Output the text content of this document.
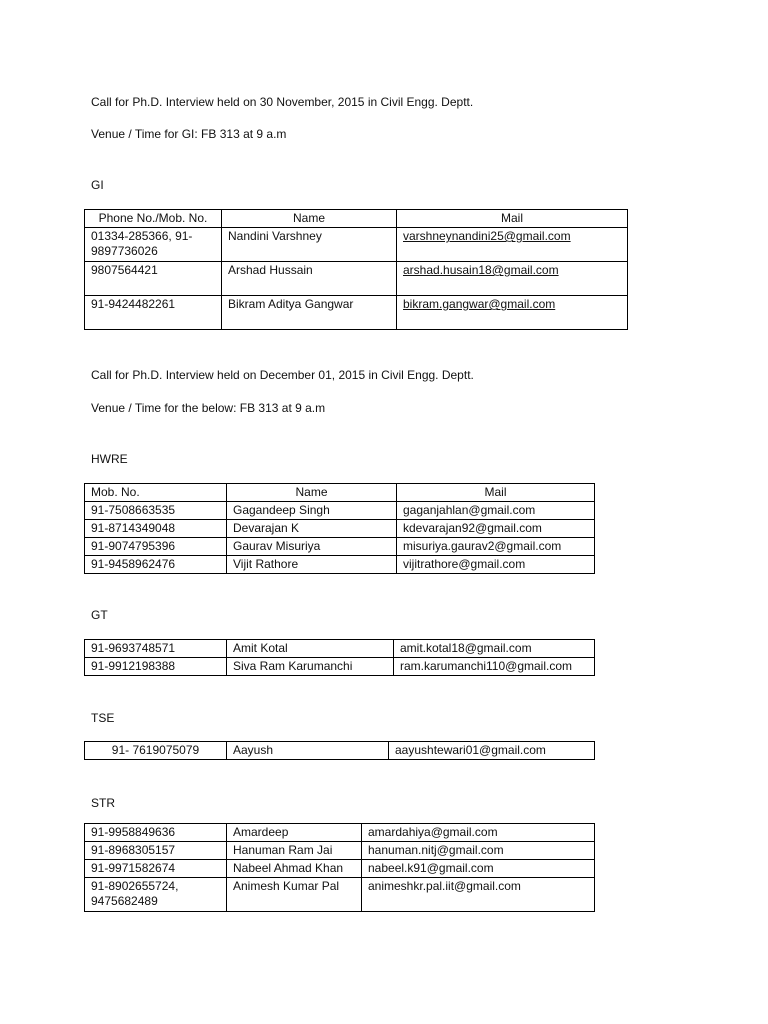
Call for Ph.D. Interview held on 30 November, 2015 in Civil Engg. Deptt.
Venue / Time for GI: FB 313 at 9 a.m
GI
Phone No./Mob. No.	Name	Mail
01334-285366, 91-
9897736026	Nandini Varshney	varshneynandini25@gmail.com
9807564421	Arshad Hussain	arshad.husain18@gmail.com
91-9424482261	Bikram Aditya Gangwar	bikram.gangwar@gmail.com
Call for Ph.D. Interview held on December 01, 2015 in Civil Engg. Deptt.
Venue / Time for the below: FB 313 at 9 a.m
HWRE
Mob. No.	Name	Mail
91-7508663535	Gagandeep Singh	gaganjahlan@gmail.com
91-8714349048	Devarajan K	kdevarajan92@gmail.com
91-9074795396	Gaurav Misuriya	misuriya.gaurav2@gmail.com
91-9458962476	Vijit Rathore	vijitrathore@gmail.com
GT
91-9693748571	Amit Kotal	amit.kotal18@gmail.com
91-9912198388	Siva Ram Karumanchi	ram.karumanchi110@gmail.com
TSE
91- 7619075079	Aayush	aayushtewari01@gmail.com
STR
91-9958849636	Amardeep	amardahiya@gmail.com
91-8968305157	Hanuman Ram Jai	hanuman.nitj@gmail.com
91-9971582674	Nabeel Ahmad Khan	nabeel.k91@gmail.com
91-8902655724,
9475682489	Animesh Kumar Pal	animeshkr.pal.iit@gmail.com
